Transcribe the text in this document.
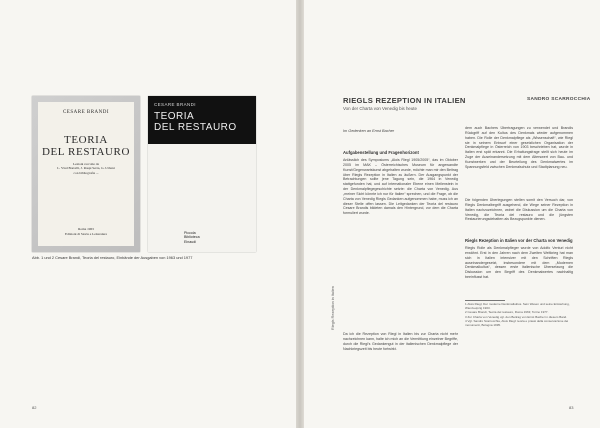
CESARE BRANDI
TEORIA
DEL RESTAURO
Lezioni raccolte da
L. Vlad Borrelli, J. Raspi Serra, G. Urbani
con bibliografia ...
Roma 1963
Edizioni di Storia e Letteratura
CESARE BRANDI
TEORIA
DEL RESTAURO
Piccola
Biblioteca
Einaudi
Abb. 1 und 2 Cesare Brandi, Teoria del restauro, Einbände der Ausgaben von 1963 und 1977
82
Riegls Rezeption in Italien
RIEGLS REZEPTION IN ITALIEN
Von der Charta von Venedig bis heute
SANDRO SCARROCCHIA
Im Gedenken an Ernst Bacher
Aufgabenstellung und Fragenhorizont

Anlässlich des Symposiums „Alois Riegl 1905/2005“, das im Oktober 2005 im MAK – Österreichisches Museum für angewandte Kunst/Gegenwartskunst abgehalten wurde, möchte man mir den Beitrag über Riegls Rezeption in Italien zu äußern. Der Ausgangspunkt der Betrachtungen sollte jene Tagung sein, die 1964 in Venedig stattgefunden hat, und auf internationaler Ebene einen Meilenstein in der Denkmalpflegegeschichte setzte: die Charta von Venedig. Aus „meiner Sicht könnte ich nur für Italien“ sprechen, und die Frage, ob die Charta von Venedig Riegls Gedanken aufgenommen habe, muss ich an dieser Stelle offen lassen. Die Leitgedanken der Teoria del restauro Cesare Brandis bildeten damals den Hintergrund, vor dem die Charta formuliert wurde.

Da ich die Rezeption von Riegl in Italien bis zur Charta nicht mehr nachzeichnen kann, halte ich mich an die Vermittlung einzelner Begriffe, durch die Riegl's Gedankengut in der italienischen Denkmalpflege der Nachkriegszeit bis heute fortwirkt.

dem auch Bachers Übertragungen zu verwendet und Brandis Rückgriff auf den Kultus des Denkmals wieder aufgenommen haben. Die Rolle der Denkmalpflege als „Wissenschaft“, wie Riegl sie in seinem Entwurf einer gesetzlichen Organisation der Denkmalpflege in Österreich von 1903 beschrieben hat, wurde in Italien erst spät erkannt. Die Erhaltungsfrage stellt sich heute im Zuge der Auseinandersetzung mit dem Alterswert von Bau- und Kunstwerken und der Beurteilung des Denkmalwertes im Spannungsfeld zwischen Denkmalschutz und Stadtplanung neu.

Die folgenden Überlegungen stellen somit den Versuch dar, von Riegls Denkmalbegriff ausgehend, die Wege seiner Rezeption in Italien nachzuzeichnen, wobei die Diskussion um die Charta von Venedig, die Teoria del restauro und die jüngsten Restaurierungsdebatten als Bezugspunkte dienen.

Riegls Rezeption in Italien vor der Charta von Venedig

Riegls Rolle als Denkmalpfleger wurde von Adolfo Venturi nicht erwähnt. Erst in den Jahren nach dem Zweiten Weltkrieg hat man sich in Italien intensiver mit den Schriften Riegls auseinandergesetzt, insbesondere mit dem „Modernen Denkmalkultus“, dessen erste italienische Übersetzung die Diskussion um den Begriff des Denkmalwertes nachhaltig beeinflusst hat.

1 Alois Riegl, Der moderne Denkmalkultus. Sein Wesen und seine Entstehung, Wien/Leipzig 1903.

2 Cesare Brandi, Teoria del restauro, Roma 1963; Torino 1977.

3 Zur Charta von Venedig vgl. den Beitrag von Ernst Bacher in diesem Band.

4 Vgl. Sandro Scarrocchia, Alois Riegl: teoria e prassi della conservazione dei monumenti, Bologna 1995.

83
